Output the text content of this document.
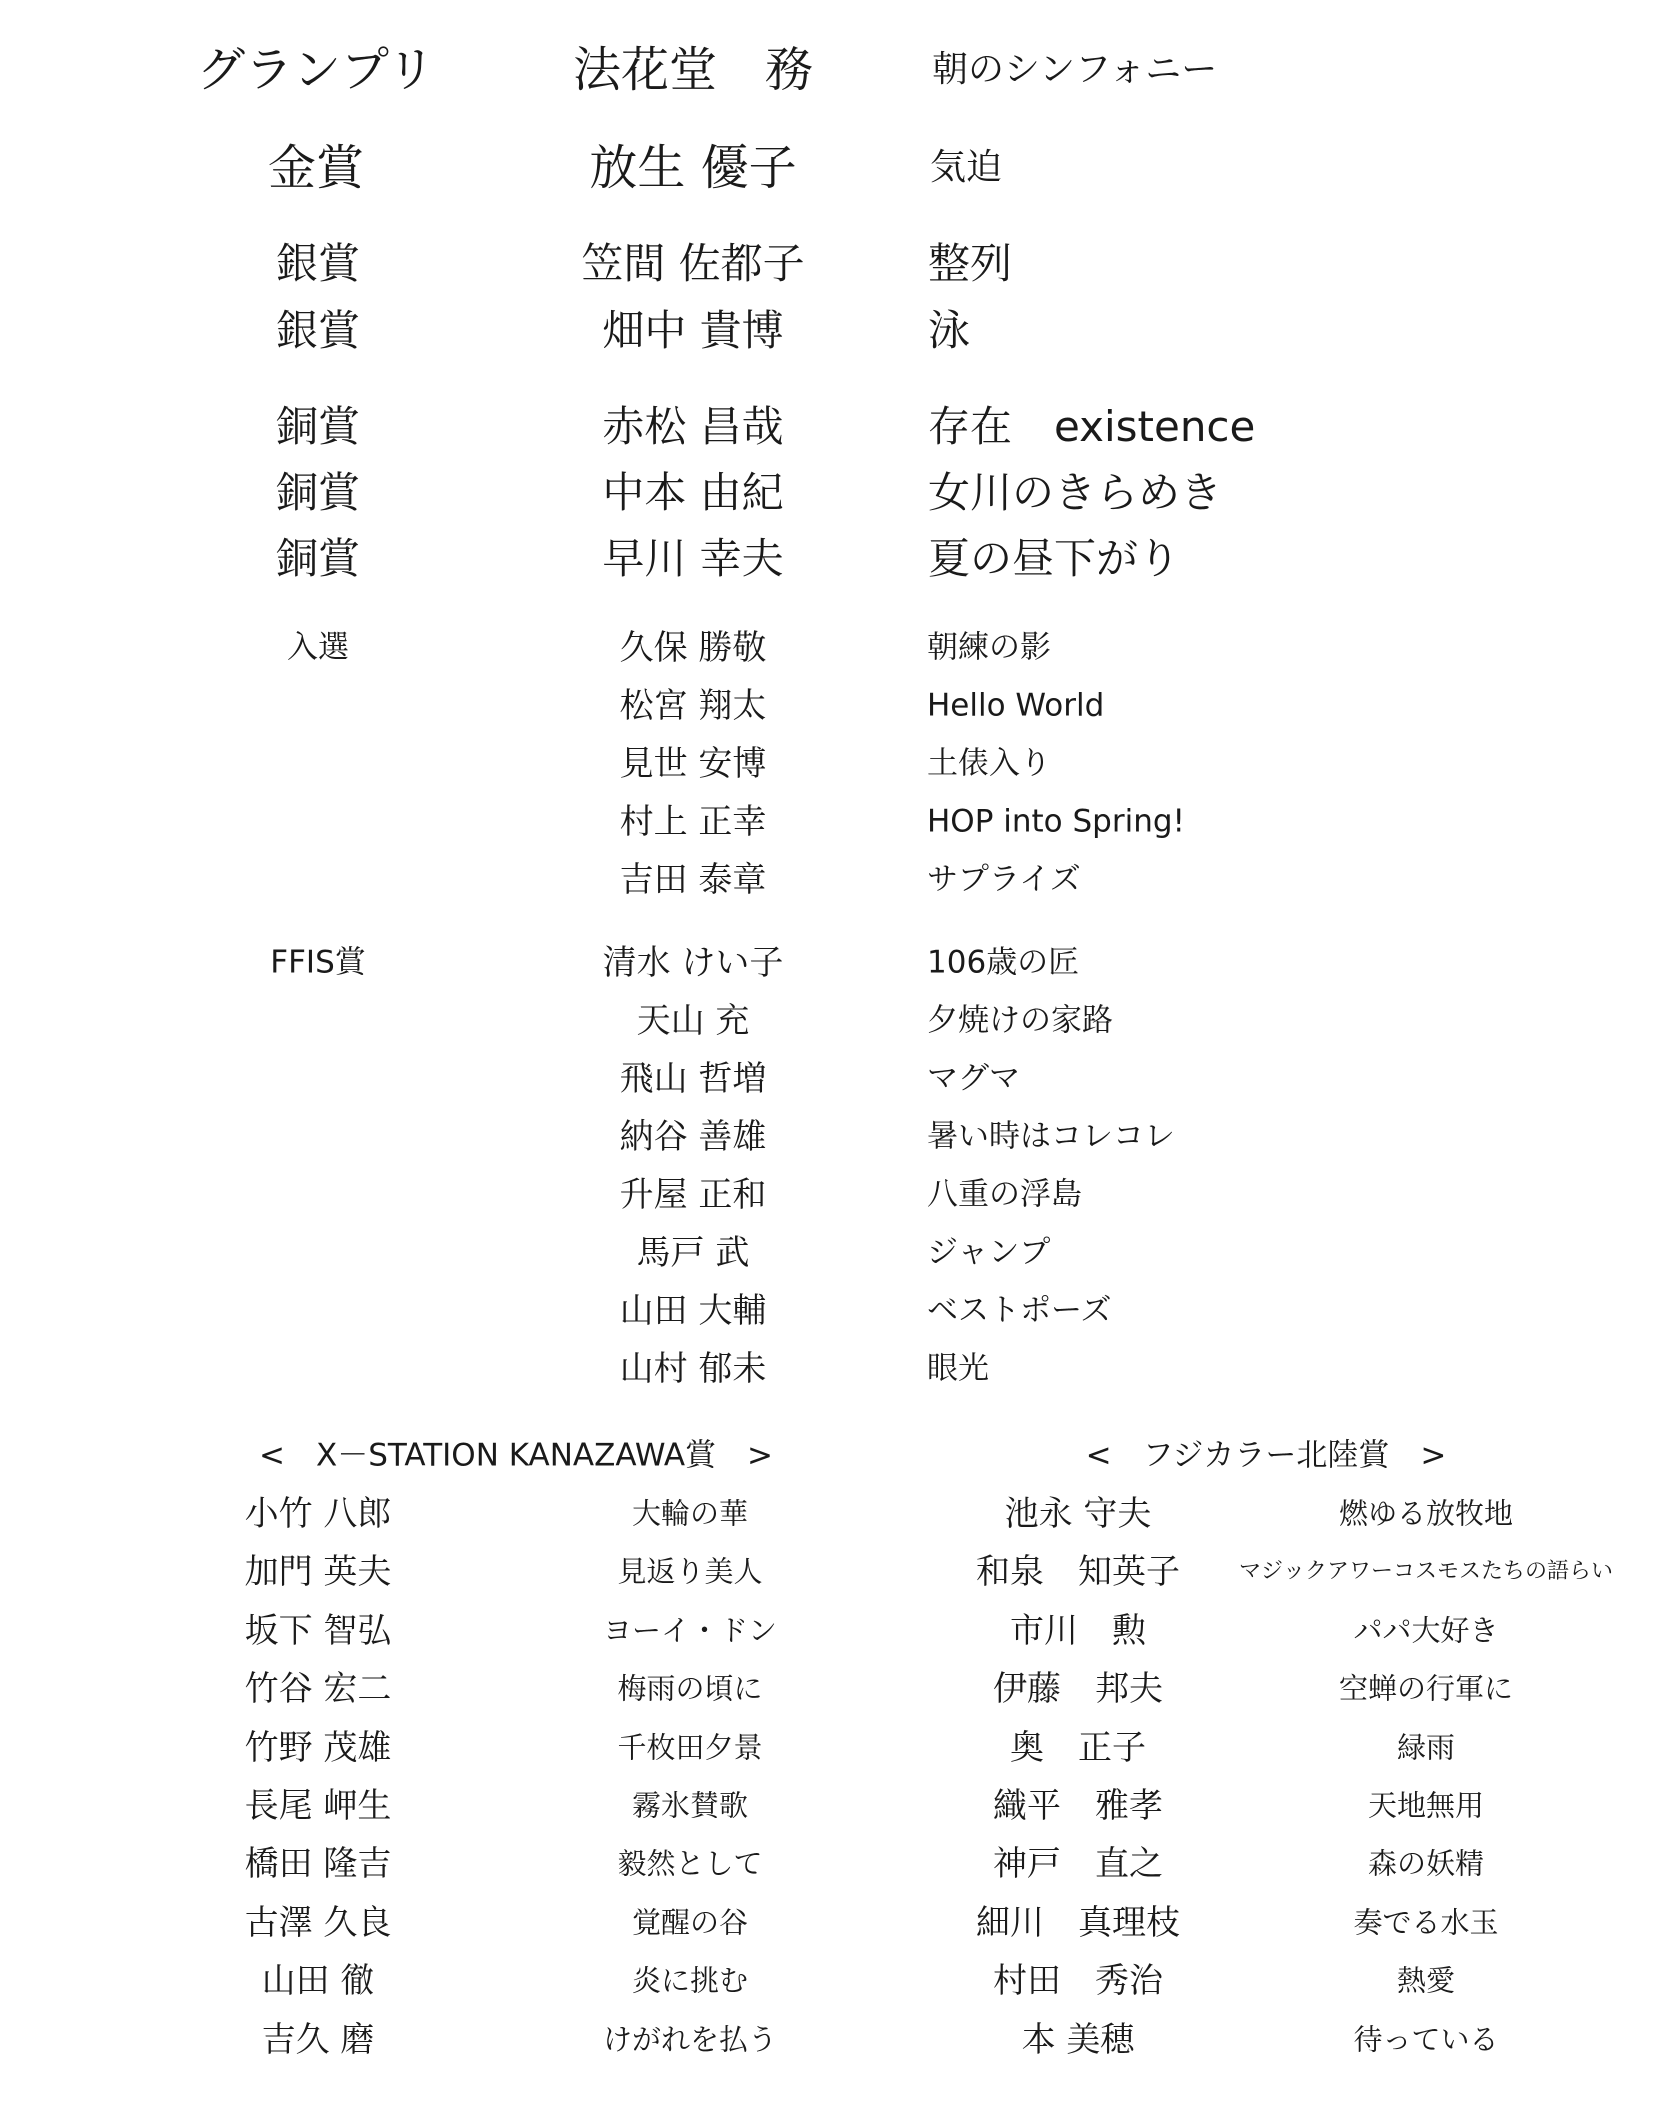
グランプリ	法花堂　務	朝のシンフォニー
金賞	放生 優子	気迫
銀賞	笠間 佐都子	整列
銀賞	畑中 貴博	泳
銅賞	赤松 昌哉	存在　existence
銅賞	中本 由紀	女川のきらめき
銅賞	早川 幸夫	夏の昼下がり
入選	久保 勝敬	朝練の影
松宮 翔太	Hello World
見世 安博	土俵入り
村上 正幸	HOP into Spring!
吉田 泰章	サプライズ
FFIS賞	清水 けい子	106歳の匠
天山 充	夕焼けの家路
飛山 哲増	マグマ
納谷 善雄	暑い時はコレコレ
升屋 正和	八重の浮島
馬戸 武	ジャンプ
山田 大輔	ベストポーズ
山村 郁未	眼光
<　X－STATION KANAZAWA賞　>	<　フジカラー北陸賞　>
小竹 八郎	大輪の華
加門 英夫	見返り美人
坂下 智弘	ヨーイ・ドン
竹谷 宏二	梅雨の頃に
竹野 茂雄	千枚田夕景
長尾 岬生	霧氷賛歌
橋田 隆吉	毅然として
古澤 久良	覚醒の谷
山田 徹	炎に挑む
吉久 磨	けがれを払う
池永 守夫	燃ゆる放牧地
和泉　知英子	マジックアワーコスモスたちの語らい
市川　勲	パパ大好き
伊藤　邦夫	空蝉の行軍に
奥　正子	緑雨
織平　雅孝	天地無用
神戸　直之	森の妖精
細川　真理枝	奏でる水玉
村田　秀治	熱愛
本 美穂	待っている
